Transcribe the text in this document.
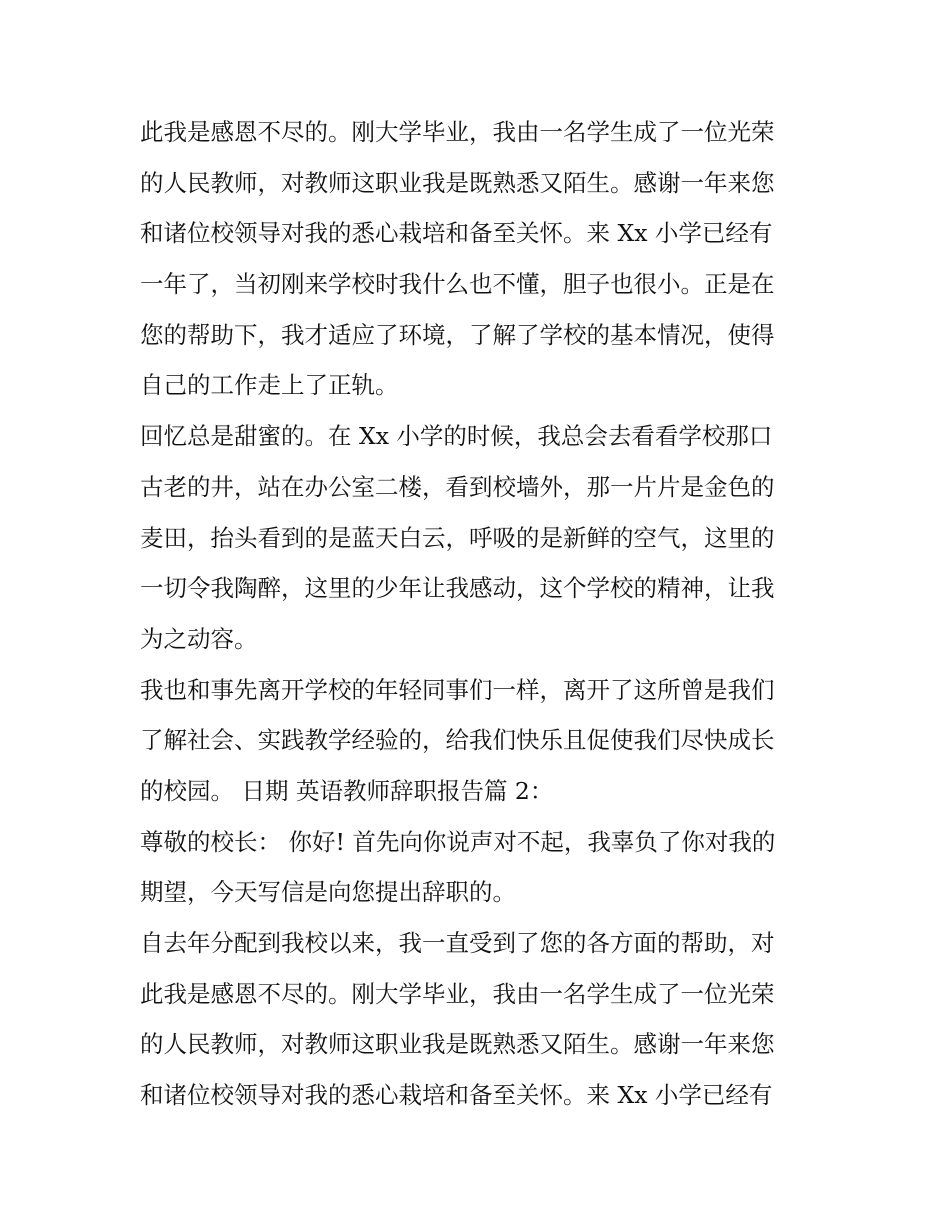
此我是感恩不尽的。刚大学毕业，我由一名学生成了一位光荣
的人民教师，对教师这职业我是既熟悉又陌生。感谢一年来您
和诸位校领导对我的悉心栽培和备至关怀。来 Xx 小学已经有
一年了，当初刚来学校时我什么也不懂，胆子也很小。正是在
您的帮助下，我才适应了环境，了解了学校的基本情况，使得
自己的工作走上了正轨。
回忆总是甜蜜的。在 Xx 小学的时候，我总会去看看学校那口
古老的井，站在办公室二楼，看到校墙外，那一片片是金色的
麦田，抬头看到的是蓝天白云，呼吸的是新鲜的空气，这里的
一切令我陶醉，这里的少年让我感动，这个学校的精神，让我
为之动容。
我也和事先离开学校的年轻同事们一样，离开了这所曾是我们
了解社会、实践教学经验的，给我们快乐且促使我们尽快成长
的校园。 日期 英语教师辞职报告篇 2：
尊敬的校长： 你好! 首先向你说声对不起，我辜负了你对我的
期望，今天写信是向您提出辞职的。
自去年分配到我校以来，我一直受到了您的各方面的帮助，对
此我是感恩不尽的。刚大学毕业，我由一名学生成了一位光荣
的人民教师，对教师这职业我是既熟悉又陌生。感谢一年来您
和诸位校领导对我的悉心栽培和备至关怀。来 Xx 小学已经有
